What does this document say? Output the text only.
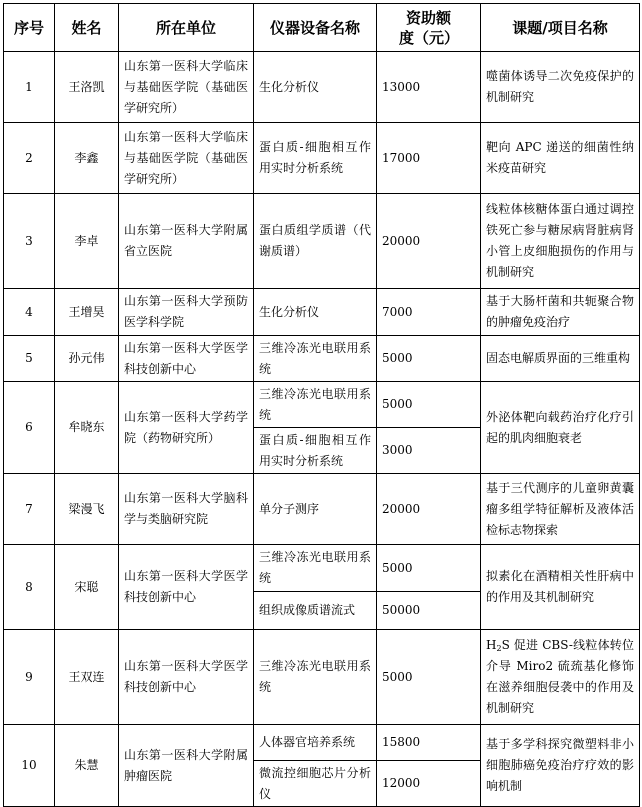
序号	姓名	所在单位	仪器设备名称	资助额度（元）	课题/项目名称
1	王洛凯	山东第一医科大学临床与基础医学院（基础医学研究所）	生化分析仪	13000	噬菌体诱导二次免疫保护的机制研究
2	李鑫	山东第一医科大学临床与基础医学院（基础医学研究所）	蛋白质-细胞相互作用实时分析系统	17000	靶向 APC 递送的细菌性纳米疫苗研究
3	李卓	山东第一医科大学附属省立医院	蛋白质组学质谱（代谢质谱）	20000	线粒体核糖体蛋白通过调控铁死亡参与糖尿病肾脏病肾小管上皮细胞损伤的作用与机制研究
4	王增昊	山东第一医科大学预防医学科学院	生化分析仪	7000	基于大肠杆菌和共轭聚合物的肿瘤免疫治疗
5	孙元伟	山东第一医科大学医学科技创新中心	三维冷冻光电联用系统	5000	固态电解质界面的三维重构
6	牟晓东	山东第一医科大学药学院（药物研究所）	三维冷冻光电联用系统	5000	外泌体靶向载药治疗化疗引起的肌肉细胞衰老
			蛋白质-细胞相互作用实时分析系统	3000	
7	梁漫飞	山东第一医科大学脑科学与类脑研究院	单分子测序	20000	基于三代测序的儿童卵黄囊瘤多组学特征解析及液体活检标志物探索
8	宋聪	山东第一医科大学医学科技创新中心	三维冷冻光电联用系统	5000	拟素化在酒精相关性肝病中的作用及其机制研究
			组织成像质谱流式	50000	
9	王双连	山东第一医科大学医学科技创新中心	三维冷冻光电联用系统	5000	$H_2S$ 促进 CBS-线粒体转位介导 Miro2 硫巯基化修饰在滋养细胞侵袭中的作用及机制研究
10	朱慧	山东第一医科大学附属肿瘤医院	人体器官培养系统	15800	基于多学科探究微塑料非小细胞肺癌免疫治疗疗效的影响机制
			微流控细胞芯片分析仪	12000	
